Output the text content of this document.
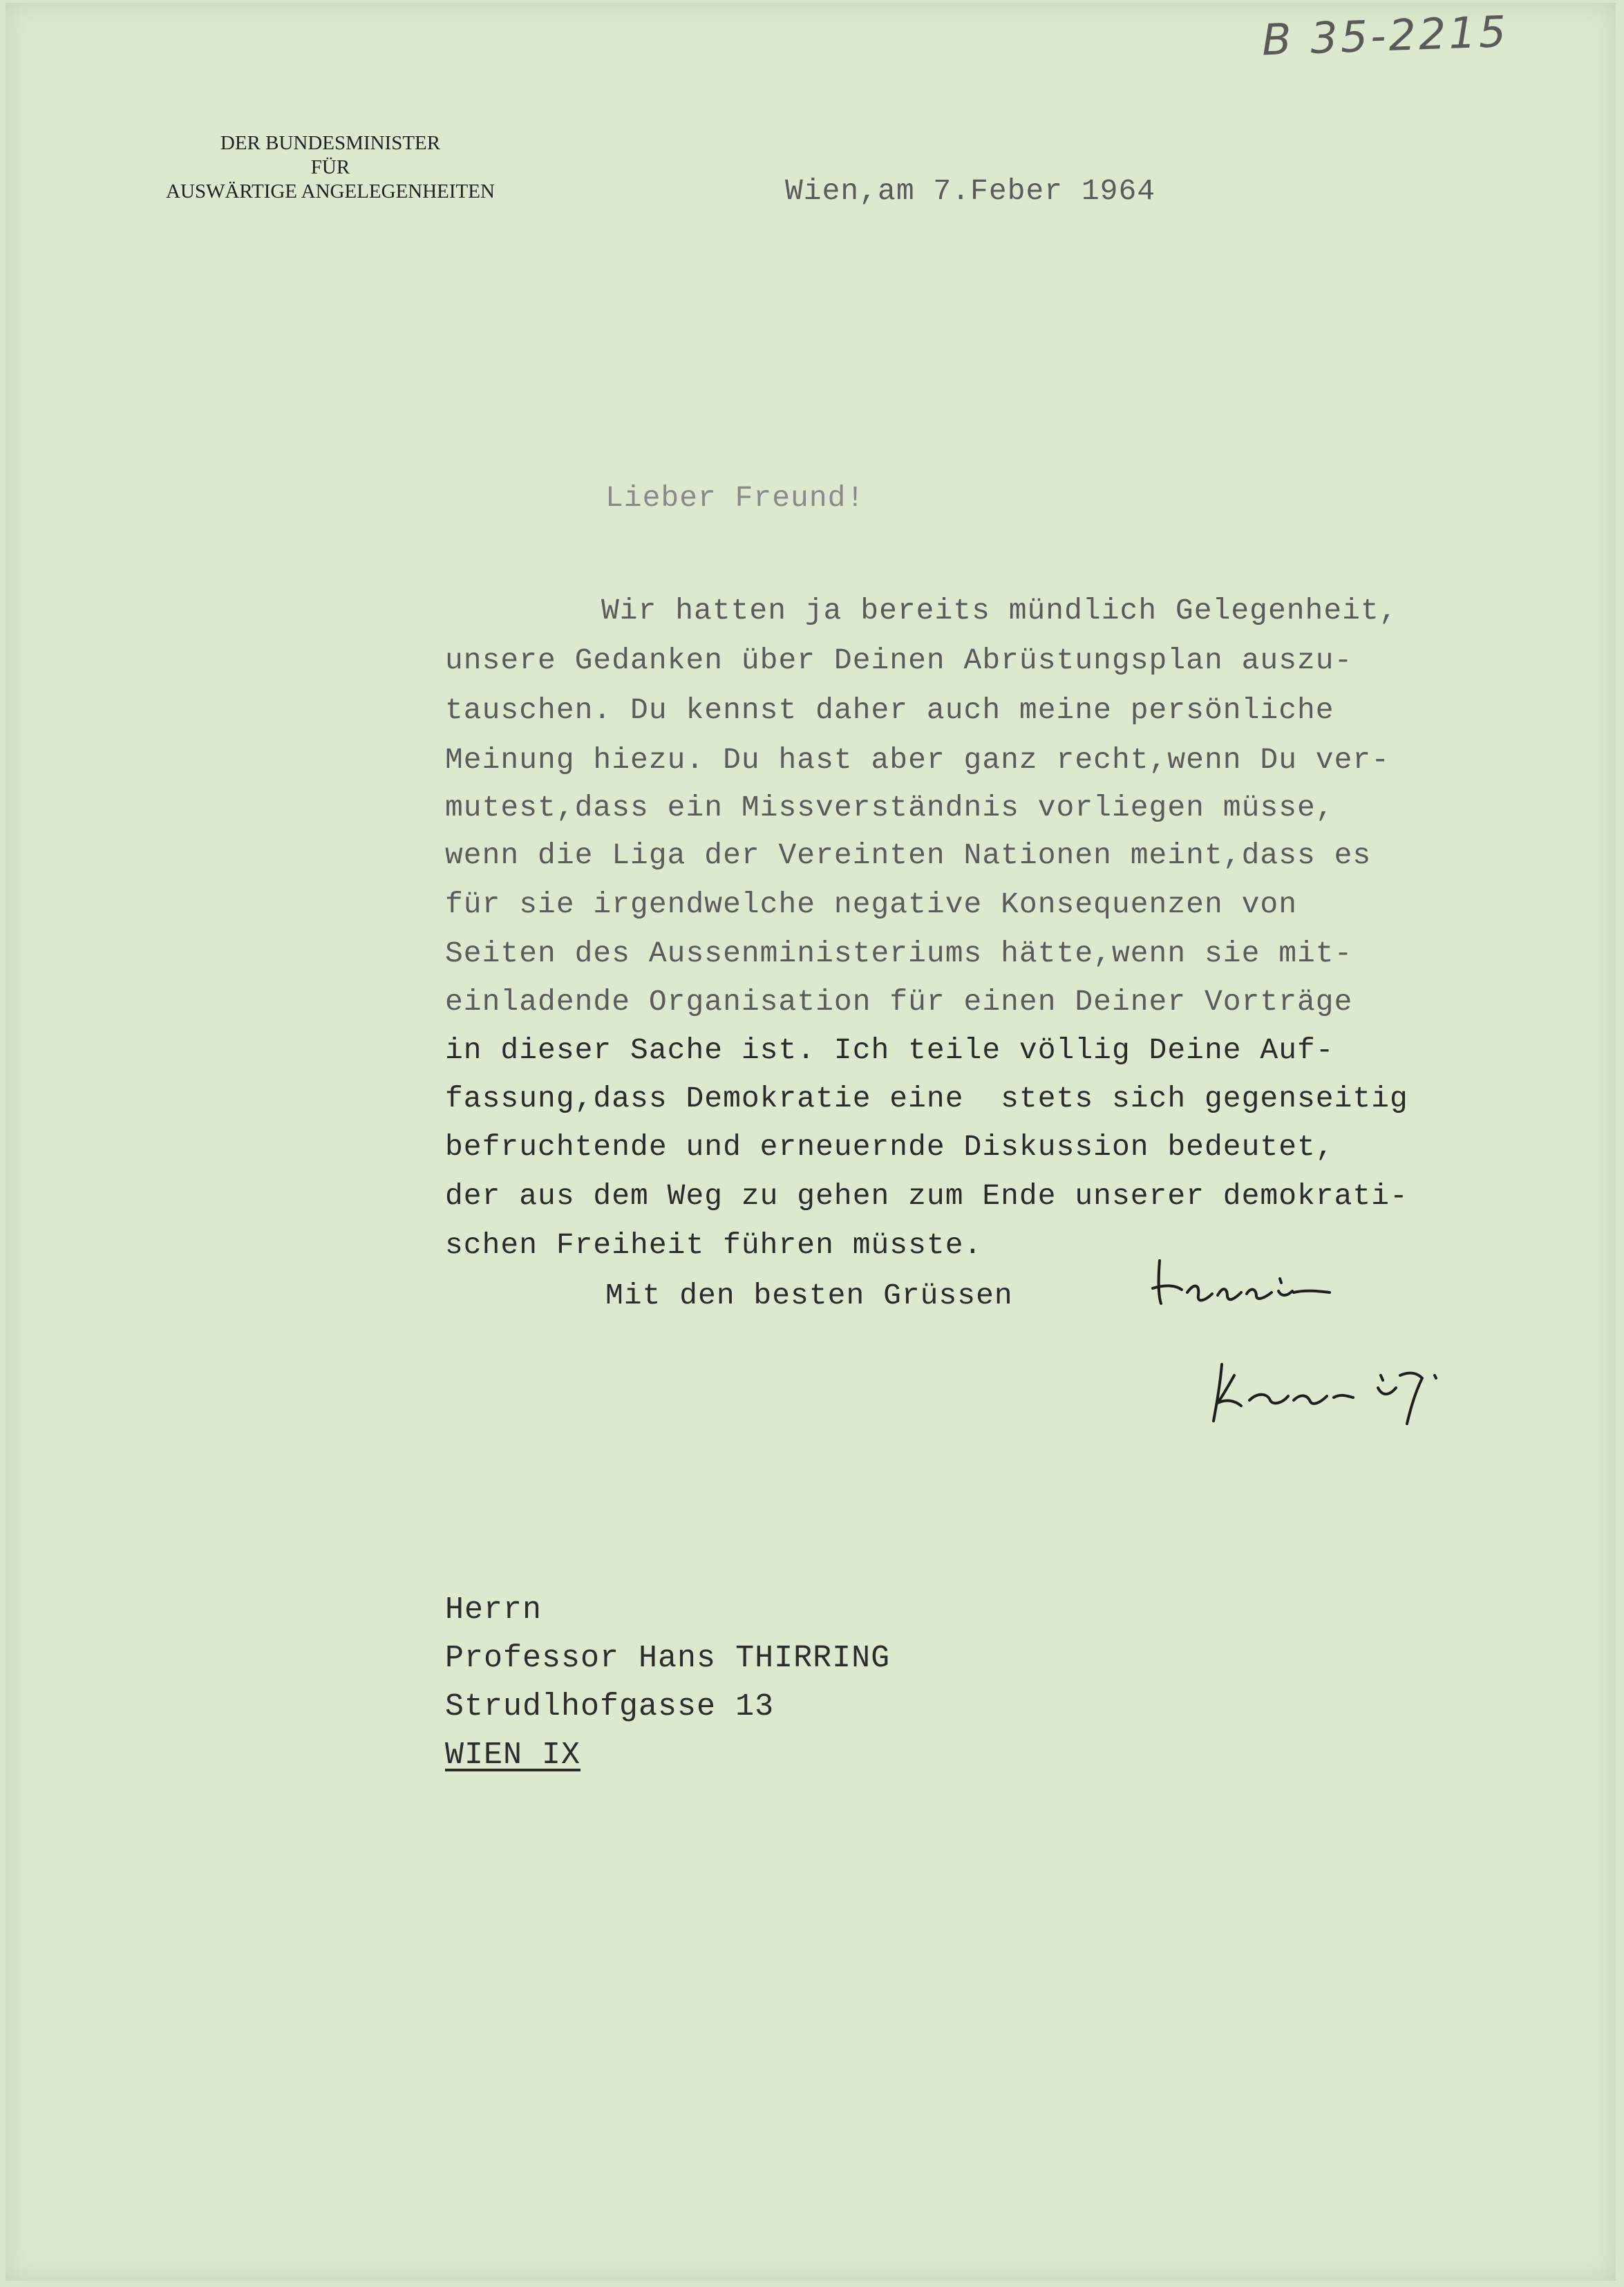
B 35-2215
DER BUNDESMINISTER
FÜR
AUSWÄRTIGE ANGELEGENHEITEN	Wien,am 7.Feber 1964
Lieber Freund!
Wir hatten ja bereits mündlich Gelegenheit,
unsere Gedanken über Deinen Abrüstungsplan auszu-
tauschen. Du kennst daher auch meine persönliche
Meinung hiezu. Du hast aber ganz recht,wenn Du ver-
mutest,dass ein Missverständnis vorliegen müsse,
wenn die Liga der Vereinten Nationen meint,dass es
für sie irgendwelche negative Konsequenzen von
Seiten des Aussenministeriums hätte,wenn sie mit-
einladende Organisation für einen Deiner Vorträge
in dieser Sache ist. Ich teile völlig Deine Auf-
fassung,dass Demokratie eine  stets sich gegenseitig
befruchtende und erneuernde Diskussion bedeutet,
der aus dem Weg zu gehen zum Ende unserer demokrati-
schen Freiheit führen müsste.
Mit den besten Grüssen
Herrn
Professor Hans THIRRING
Strudlhofgasse 13
WIEN IX
